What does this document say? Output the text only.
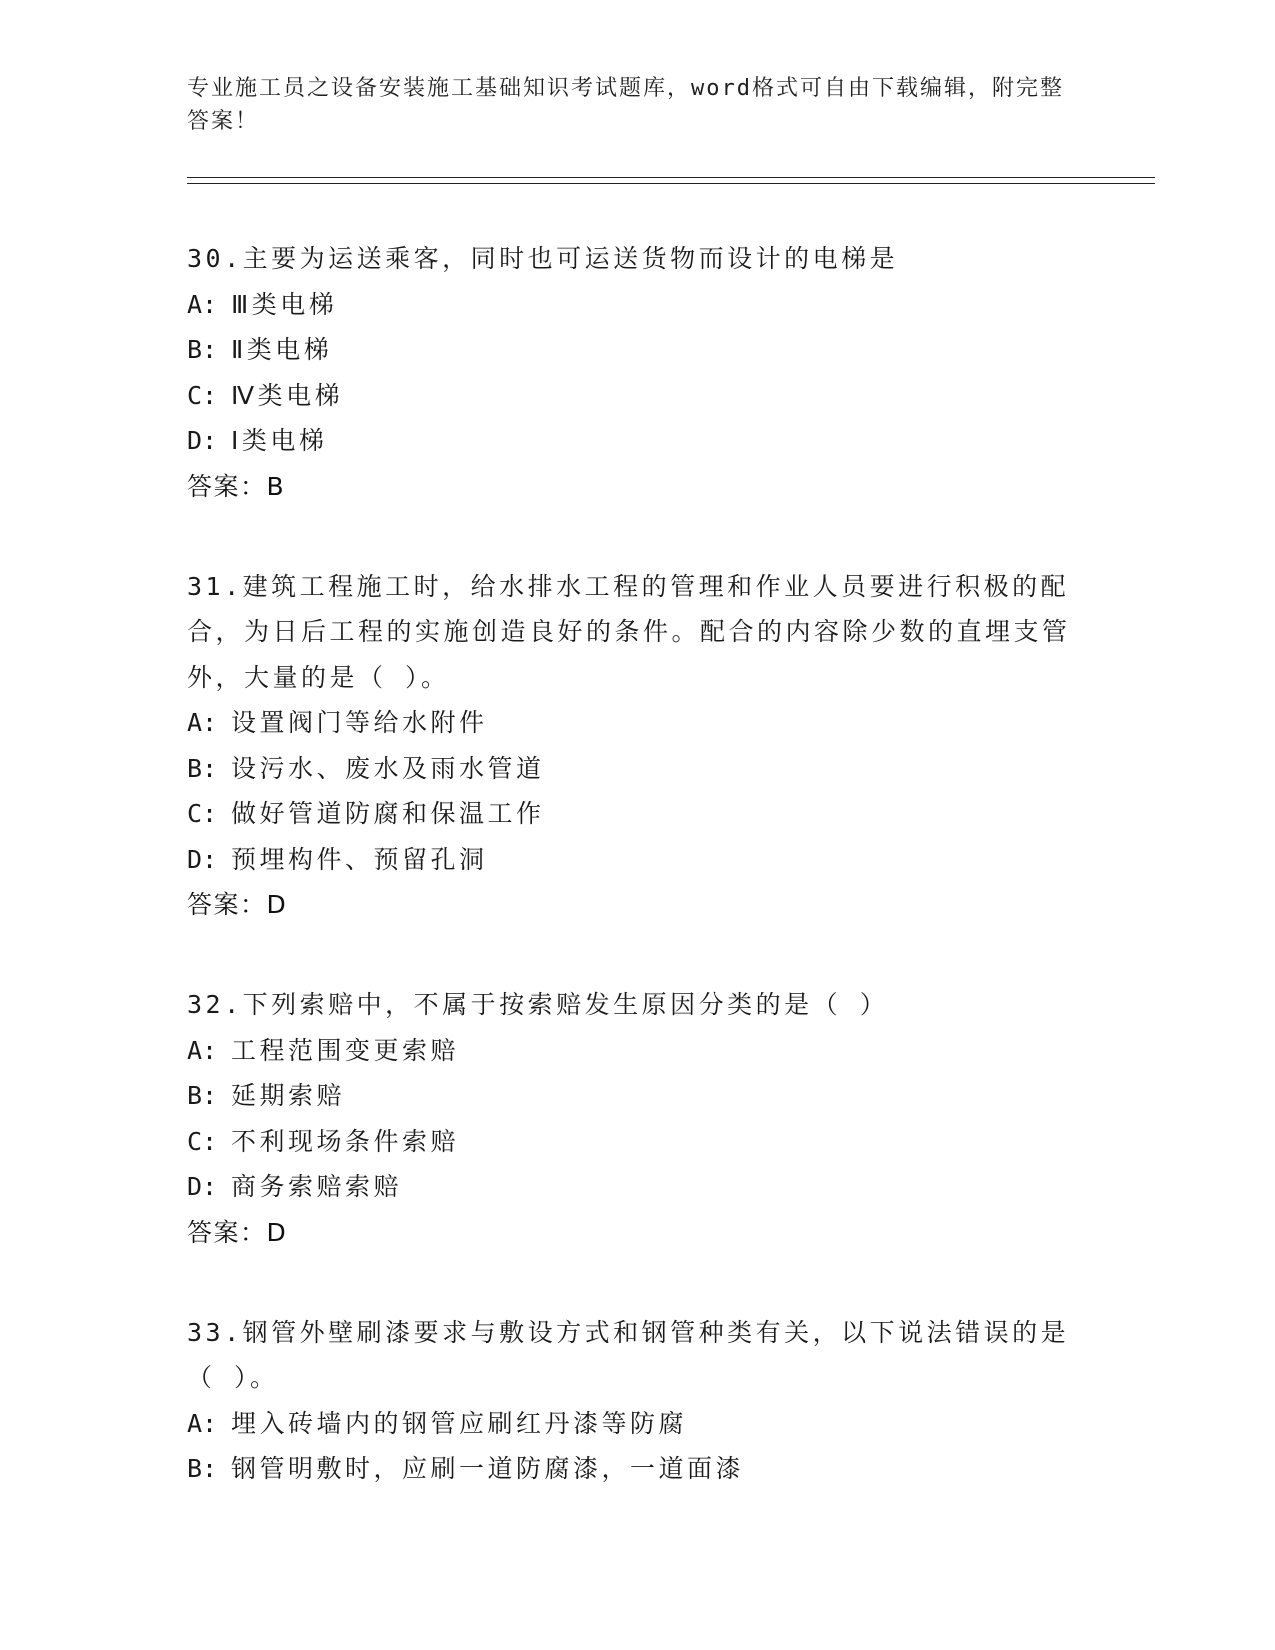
专业施工员之设备安装施工基础知识考试题库，word格式可自由下载编辑，附完整答案！
30.主要为运送乘客，同时也可运送货物而设计的电梯是
A: Ⅲ类电梯
B: Ⅱ类电梯
C: Ⅳ类电梯
D: Ⅰ类电梯
答案：B
31.建筑工程施工时，给水排水工程的管理和作业人员要进行积极的配合，为日后工程的实施创造良好的条件。配合的内容除少数的直埋支管外，大量的是（ ）。
A: 设置阀门等给水附件
B: 设污水、废水及雨水管道
C: 做好管道防腐和保温工作
D: 预埋构件、预留孔洞
答案：D
32.下列索赔中，不属于按索赔发生原因分类的是（ ）
A: 工程范围变更索赔
B: 延期索赔
C: 不利现场条件索赔
D: 商务索赔索赔
答案：D
33.钢管外壁刷漆要求与敷设方式和钢管种类有关，以下说法错误的是（ ）。
A: 埋入砖墙内的钢管应刷红丹漆等防腐
B: 钢管明敷时，应刷一道防腐漆，一道面漆
